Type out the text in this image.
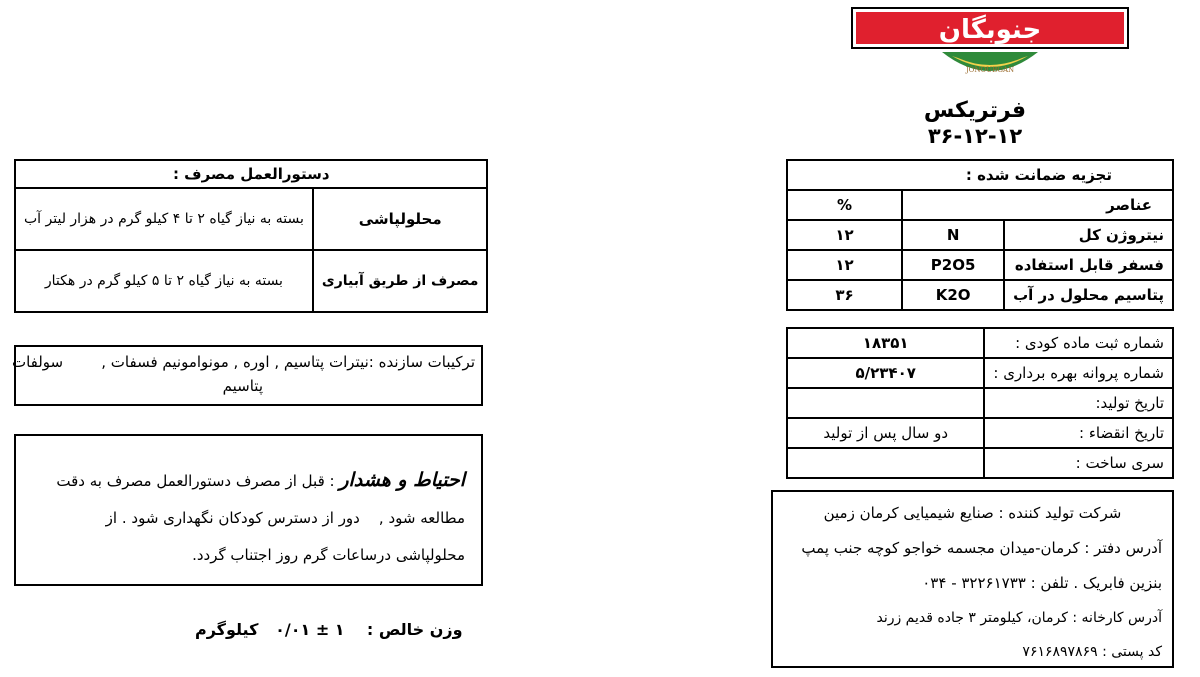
جنوبگان
JONOUBGAN
فرتریکس
۳۶-۱۲-۱۲
تجزیه ضمانت شده :		
عناصر		%
نیتروژن کل	N	۱۲
فسفر قابل استفاده	P2O5	۱۲
پتاسیم محلول در آب	K2O	۳۶
شماره ثبت ماده کودی :	۱۸۳۵۱
شماره پروانه بهره برداری :	۵/۲۳۴۰۷
تاریخ تولید:	
تاریخ انقضاء :	دو سال پس از تولید
سری ساخت :	
شرکت تولید کننده : صنایع شیمیایی کرمان زمین
آدرس دفتر : کرمان-میدان مجسمه خواجو کوچه جنب پمپ
بنزین فابریک . تلفن : ۳۲۲۶۱۷۳۳ - ۰۳۴
آدرس کارخانه : کرمان، کیلومتر ۳ جاده قدیم زرند
کد پستی : ۷۶۱۶۸۹۷۸۶۹
دستورالعمل مصرف :	
محلولپاشی	بسته به نیاز گیاه ۲ تا ۴ کیلو گرم در هزار لیتر آب
مصرف از طریق آبیاری	بسته به نیاز گیاه ۲ تا ۵ کیلو گرم در هکتار
ترکیبات سازنده :نیترات پتاسیم , اوره , مونوامونیم فسفات ,        سولفات
پتاسیم
احتیاط و هشدار : قبل از مصرف دستورالعمل مصرف به دقت
مطالعه شود ,    دور از دسترس کودکان نگهداری شود . از
محلولپاشی درساعات گرم روز اجتناب گردد.
وزن خالص :    ۱ ± ۰/۰۱   کیلوگرم
